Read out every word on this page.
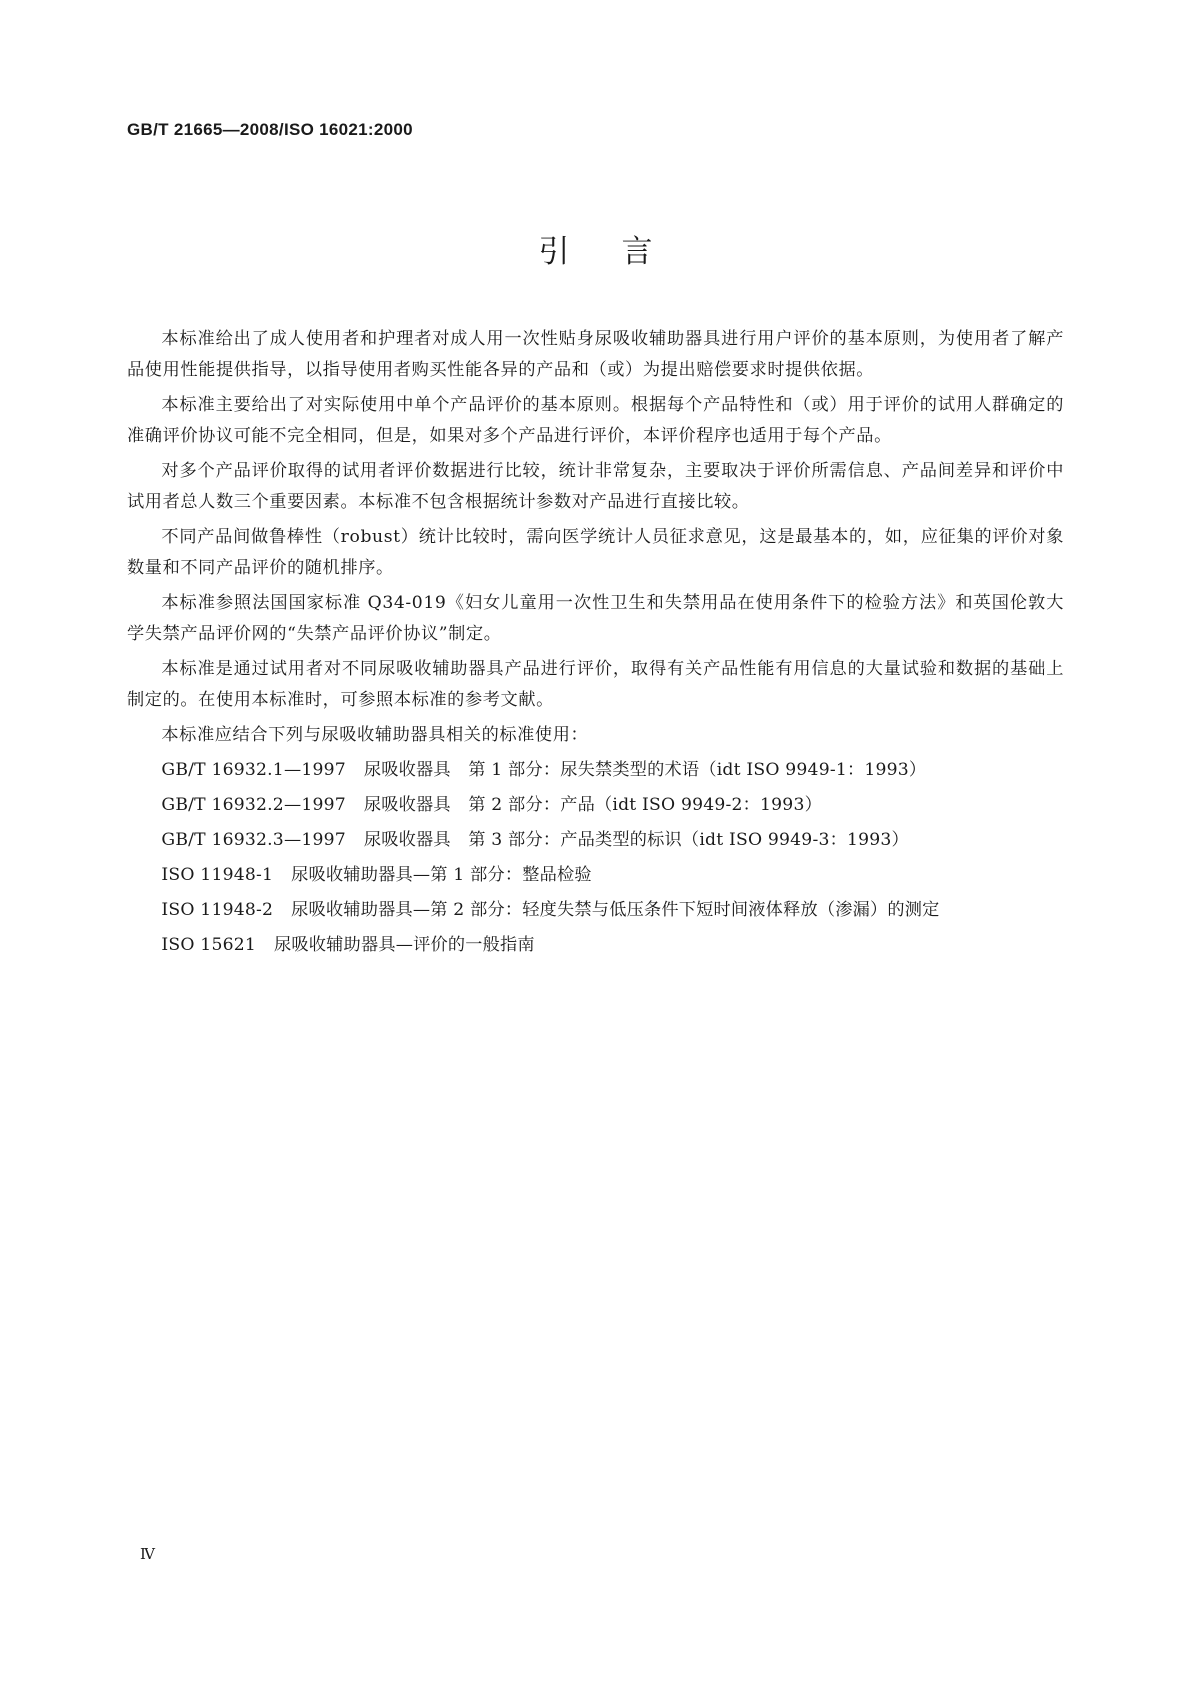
GB/T 21665—2008/ISO 16021:2000
引言

本标准给出了成人使用者和护理者对成人用一次性贴身尿吸收辅助器具进行用户评价的基本原则，为使用者了解产品使用性能提供指导，以指导使用者购买性能各异的产品和（或）为提出赔偿要求时提供依据。

本标准主要给出了对实际使用中单个产品评价的基本原则。根据每个产品特性和（或）用于评价的试用人群确定的准确评价协议可能不完全相同，但是，如果对多个产品进行评价，本评价程序也适用于每个产品。

对多个产品评价取得的试用者评价数据进行比较，统计非常复杂，主要取决于评价所需信息、产品间差异和评价中试用者总人数三个重要因素。本标准不包含根据统计参数对产品进行直接比较。

不同产品间做鲁棒性（robust）统计比较时，需向医学统计人员征求意见，这是最基本的，如，应征集的评价对象数量和不同产品评价的随机排序。

本标准参照法国国家标准 Q34-019《妇女儿童用一次性卫生和失禁用品在使用条件下的检验方法》和英国伦敦大学失禁产品评价网的“失禁产品评价协议”制定。

本标准是通过试用者对不同尿吸收辅助器具产品进行评价，取得有关产品性能有用信息的大量试验和数据的基础上制定的。在使用本标准时，可参照本标准的参考文献。

本标准应结合下列与尿吸收辅助器具相关的标准使用：

GB/T 16932.1—1997 尿吸收器具　第 1 部分：尿失禁类型的术语（idt ISO 9949-1：1993）
GB/T 16932.2—1997 尿吸收器具　第 2 部分：产品（idt ISO 9949-2：1993）
GB/T 16932.3—1997 尿吸收器具　第 3 部分：产品类型的标识（idt ISO 9949-3：1993）
ISO 11948-1 尿吸收辅助器具—第 1 部分：整品检验
ISO 11948-2 尿吸收辅助器具—第 2 部分：轻度失禁与低压条件下短时间液体释放（渗漏）的测定
ISO 15621 尿吸收辅助器具—评价的一般指南
Ⅳ
